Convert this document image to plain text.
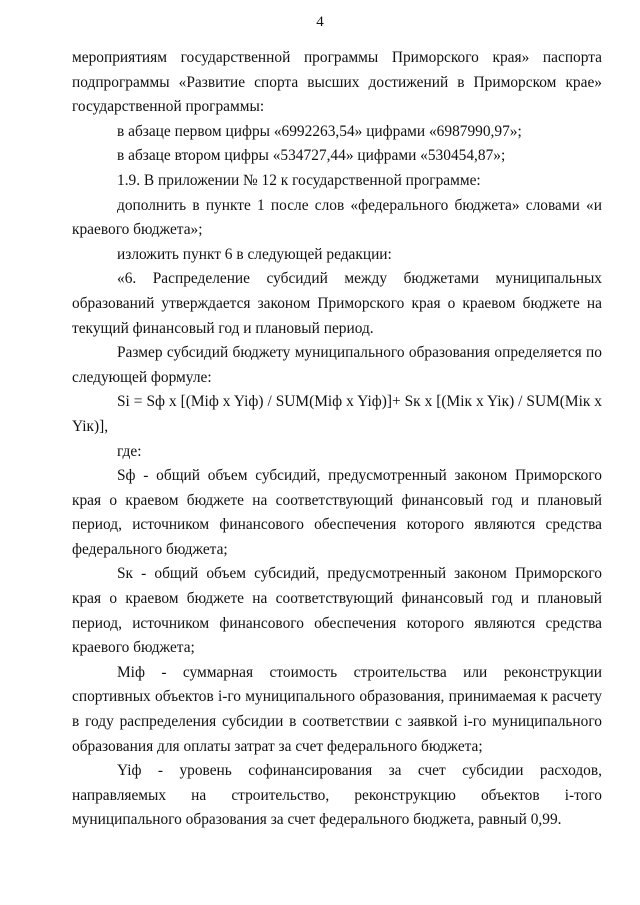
4

мероприятиям государственной программы Приморского края» паспорта подпрограммы «Развитие спорта высших достижений в Приморском крае» государственной программы:

в абзаце первом цифры «6992263,54» цифрами «6987990,97»;

в абзаце втором цифры «534727,44» цифрами «530454,87»;

1.9. В приложении № 12 к государственной программе:

дополнить в пункте 1 после слов «федерального бюджета» словами «и краевого бюджета»;

изложить пункт 6 в следующей редакции:

«6. Распределение субсидий между бюджетами муниципальных образований утверждается законом Приморского края о краевом бюджете на текущий финансовый год и плановый период.

Размер субсидий бюджету муниципального образования определяется по следующей формуле:

Si = Sф x [(Miф x Yiф) / SUM(Miф x Yiф)]+ Sк x [(Miк x Yiк) / SUM(Miк x Yiк)],

где:

Sф - общий объем субсидий, предусмотренный законом Приморского края о краевом бюджете на соответствующий финансовый год и плановый период, источником финансового обеспечения которого являются средства федерального бюджета;

Sк - общий объем субсидий, предусмотренный законом Приморского края о краевом бюджете на соответствующий финансовый год и плановый период, источником финансового обеспечения которого являются средства краевого бюджета;

Miф - суммарная стоимость строительства или реконструкции спортивных объектов i-го муниципального образования, принимаемая к расчету в году распределения субсидии в соответствии с заявкой i-го муниципального образования для оплаты затрат за счет федерального бюджета;

Yiф - уровень софинансирования за счет субсидии расходов, направляемых на строительство, реконструкцию объектов i-того муниципального образования за счет федерального бюджета, равный 0,99.
